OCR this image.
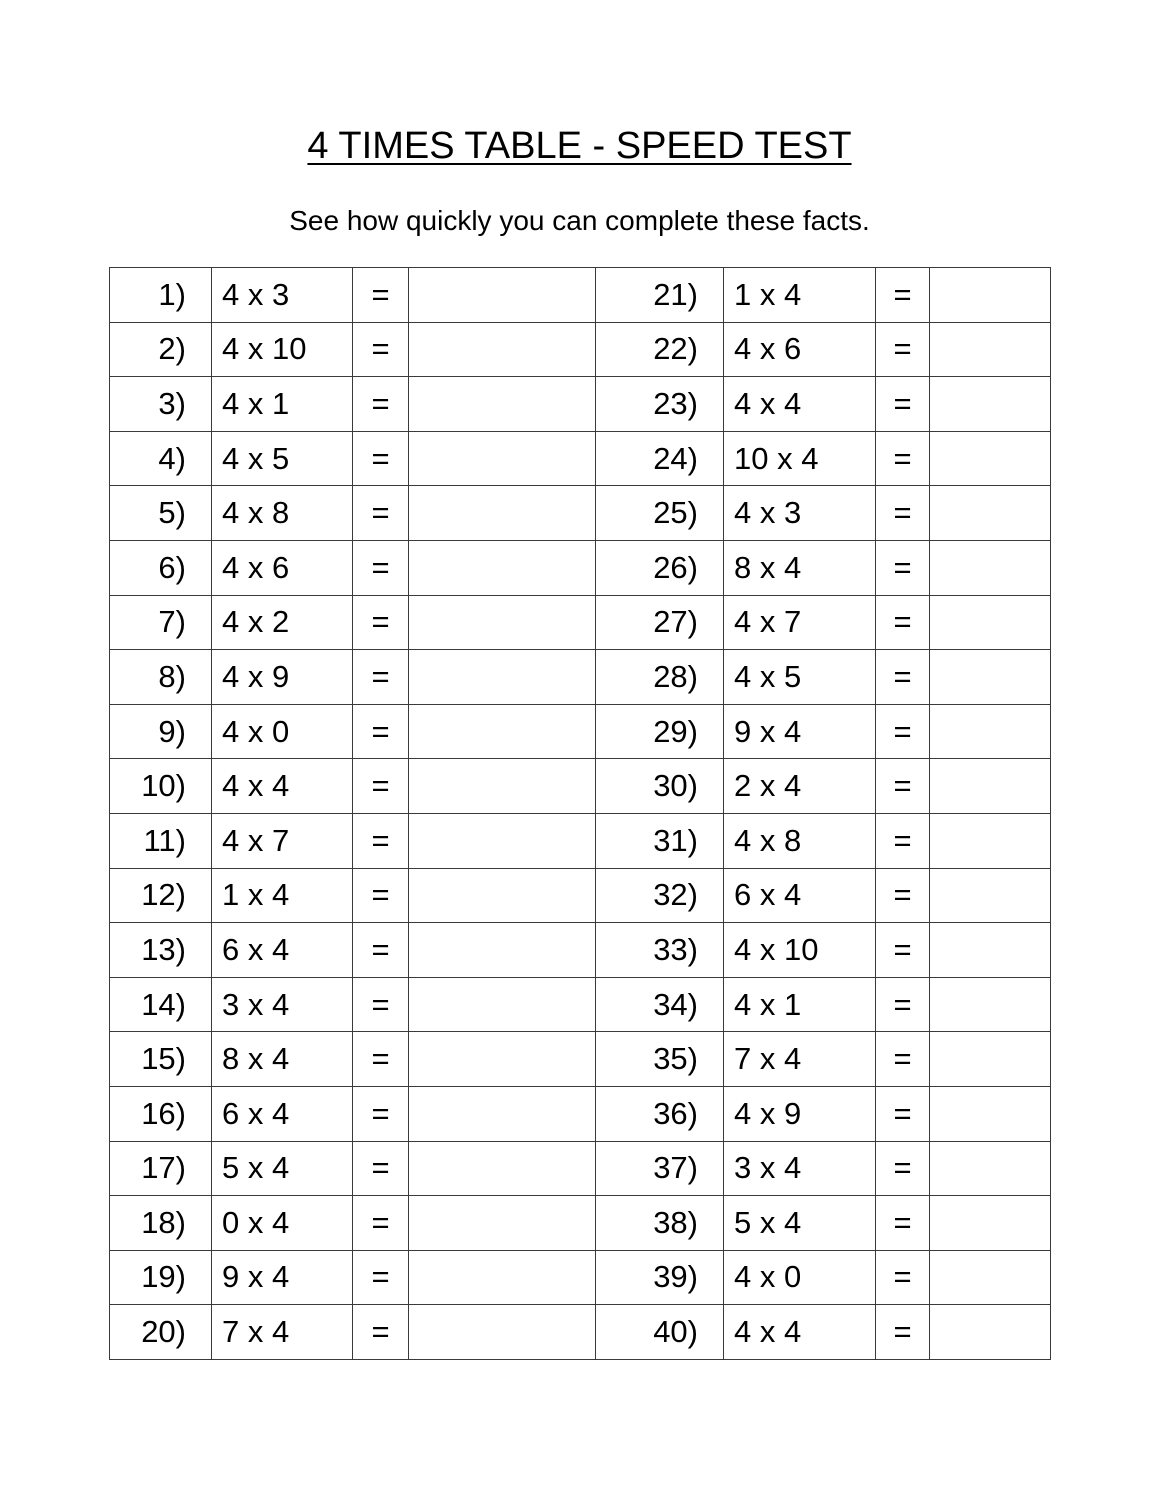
4 TIMES TABLE - SPEED TEST
See how quickly you can complete these facts.
1)	4 x 3	=		21)	1 x 4	=	
2)	4 x 10	=		22)	4 x 6	=	
3)	4 x 1	=		23)	4 x 4	=	
4)	4 x 5	=		24)	10 x 4	=	
5)	4 x 8	=		25)	4 x 3	=	
6)	4 x 6	=		26)	8 x 4	=	
7)	4 x 2	=		27)	4 x 7	=	
8)	4 x 9	=		28)	4 x 5	=	
9)	4 x 0	=		29)	9 x 4	=	
10)	4 x 4	=		30)	2 x 4	=	
11)	4 x 7	=		31)	4 x 8	=	
12)	1 x 4	=		32)	6 x 4	=	
13)	6 x 4	=		33)	4 x 10	=	
14)	3 x 4	=		34)	4 x 1	=	
15)	8 x 4	=		35)	7 x 4	=	
16)	6 x 4	=		36)	4 x 9	=	
17)	5 x 4	=		37)	3 x 4	=	
18)	0 x 4	=		38)	5 x 4	=	
19)	9 x 4	=		39)	4 x 0	=	
20)	7 x 4	=		40)	4 x 4	=	
